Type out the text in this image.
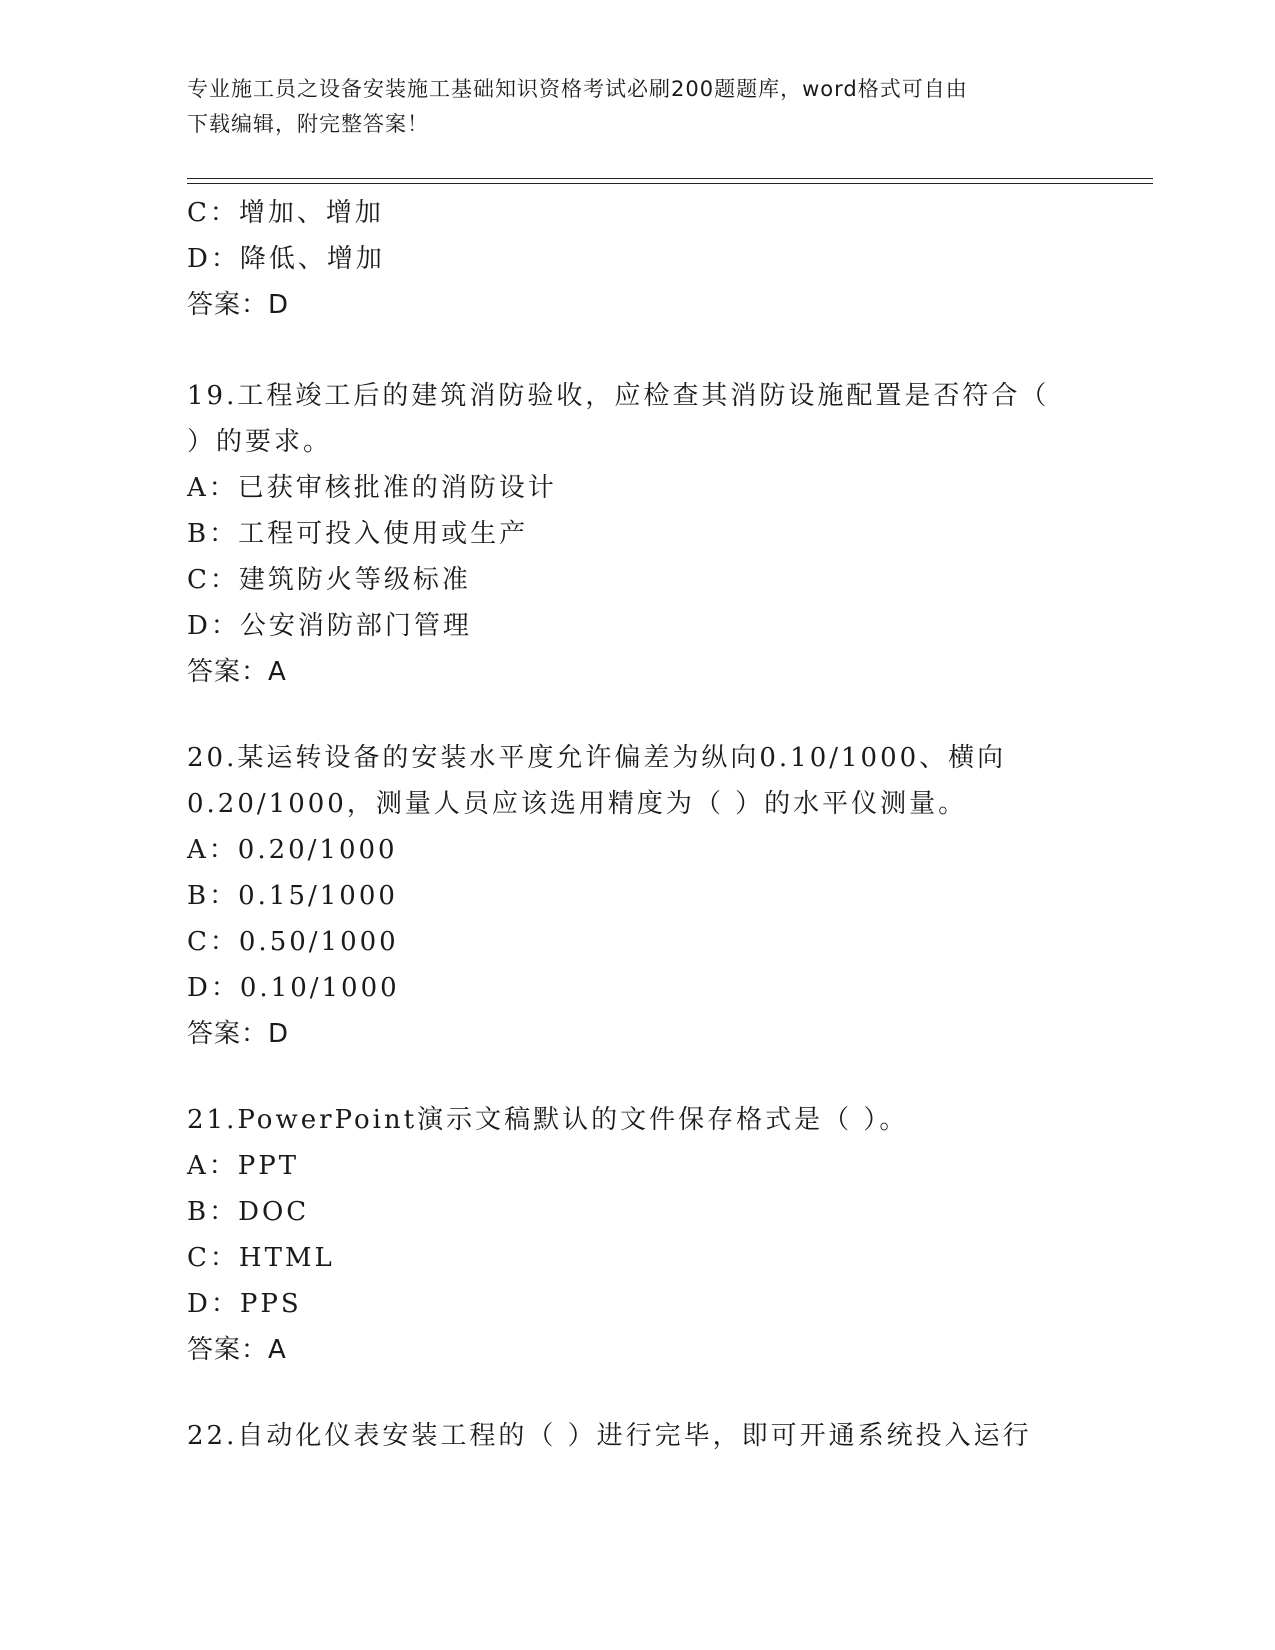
专业施工员之设备安装施工基础知识资格考试必刷200题题库，word格式可自由
下载编辑，附完整答案！
C：增加、增加
D：降低、增加
答案：D
19.工程竣工后的建筑消防验收，应检查其消防设施配置是否符合（
）的要求。
A：已获审核批准的消防设计
B：工程可投入使用或生产
C：建筑防火等级标准
D：公安消防部门管理
答案：A
20.某运转设备的安装水平度允许偏差为纵向0.10/1000、横向
0.20/1000，测量人员应该选用精度为（ ）的水平仪测量。
A：0.20/1000
B：0.15/1000
C：0.50/1000
D：0.10/1000
答案：D
21.PowerPoint演示文稿默认的文件保存格式是（ ）。
A：PPT
B：DOC
C：HTML
D：PPS
答案：A
22.自动化仪表安装工程的（ ）进行完毕，即可开通系统投入运行
